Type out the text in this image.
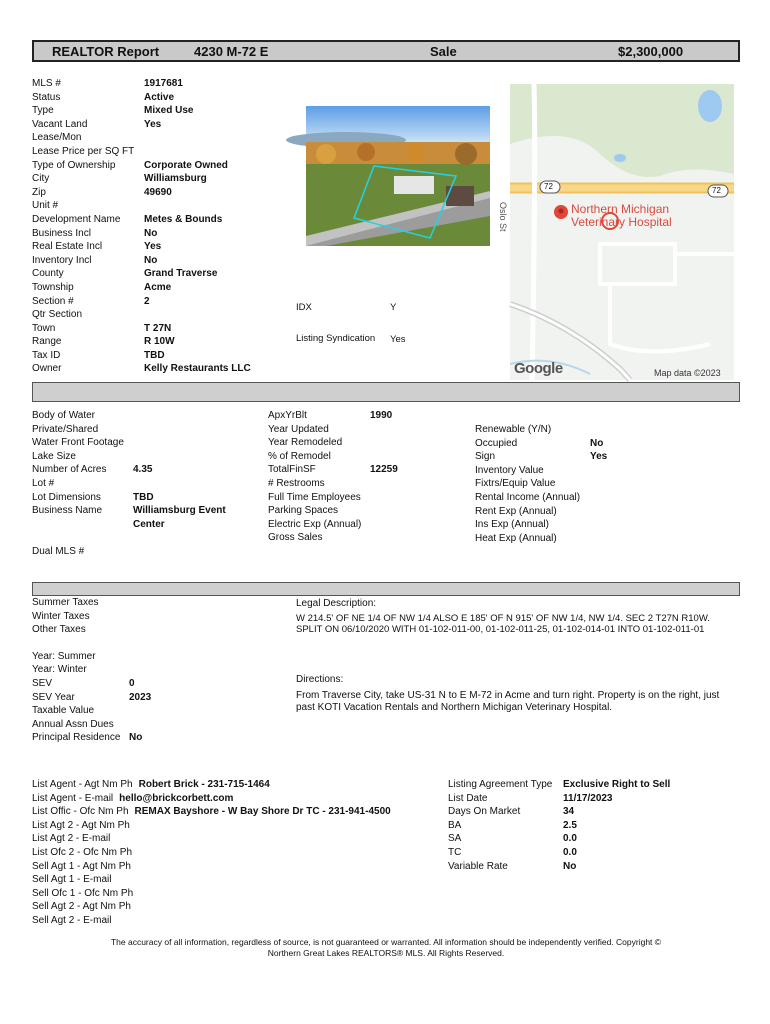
REALTOR Report	4230 M-72 E	Sale	$2,300,000
MLS #	1917681
Status	Active
Type	Mixed Use
Vacant Land	Yes
Lease/Mon
Lease Price per SQ FT
Type of Ownership	Corporate Owned
City	Williamsburg
Zip	49690
Unit #
Development Name	Metes & Bounds
Business Incl	No
Real Estate Incl	Yes
Inventory Incl	No
County	Grand Traverse
Township	Acme
Section #	2
Qtr Section
Town	T 27N
Range	R 10W
Tax ID	TBD
Owner	Kelly Restaurants LLC
72	72
Oslo St	Northern Michigan Veterinary Hospital
Google	Map data ©2023
IDX	Y
Listing Syndication Yes
Body of Water
Private/Shared
Water Front Footage
Lake Size
Number of Acres	4.35
Lot #
Lot Dimensions	TBD
Business Name	Williamsburg Event
Center
Dual MLS #
ApxYrBlt	1990
Year Updated
Year Remodeled
% of Remodel
TotalFinSF	12259
# Restrooms
Full Time Employees
Parking Spaces
Electric Exp (Annual)
Gross Sales
Renewable (Y/N)
Occupied	No
Sign	Yes
Inventory Value
Fixtrs/Equip Value
Rental Income (Annual)
Rent Exp (Annual)
Ins Exp (Annual)
Heat Exp (Annual)
Summer Taxes
Winter Taxes
Other Taxes
Year: Summer
Year: Winter
SEV	0
SEV Year	2023
Taxable Value
Annual Assn Dues
Principal Residence No
Legal Description:
W 214.5' OF NE 1/4 OF NW 1/4 ALSO E 185' OF N 915' OF NW 1/4, NW 1/4. SEC 2 T27N R10W. SPLIT ON 06/10/2020 WITH 01-102-011-00, 01-102-011-25, 01-102-014-01 INTO 01-102-011-01
Directions:
From Traverse City, take US-31 N to E M-72 in Acme and turn right. Property is on the right, just past KOTI Vacation Rentals and Northern Michigan Veterinary Hospital.
List Agent - Agt Nm Ph Robert Brick - 231-715-1464
List Agent - E-mail hello@brickcorbett.com
List Offic - Ofc Nm Ph REMAX Bayshore - W Bay Shore Dr TC - 231-941-4500
List Agt 2 - Agt Nm Ph
List Agt 2 - E-mail
List Ofc 2 - Ofc Nm Ph
Sell Agt 1 - Agt Nm Ph
Sell Agt 1 - E-mail
Sell Ofc 1 - Ofc Nm Ph
Sell Agt 2 - Agt Nm Ph
Sell Agt 2 - E-mail
Listing Agreement Type	Exclusive Right to Sell
List Date	11/17/2023
Days On Market	34
BA	2.5
SA	0.0
TC	0.0
Variable Rate	No
The accuracy of all information, regardless of source, is not guaranteed or warranted. All information should be independently verified. Copyright ©
Northern Great Lakes REALTORS® MLS. All Rights Reserved.
